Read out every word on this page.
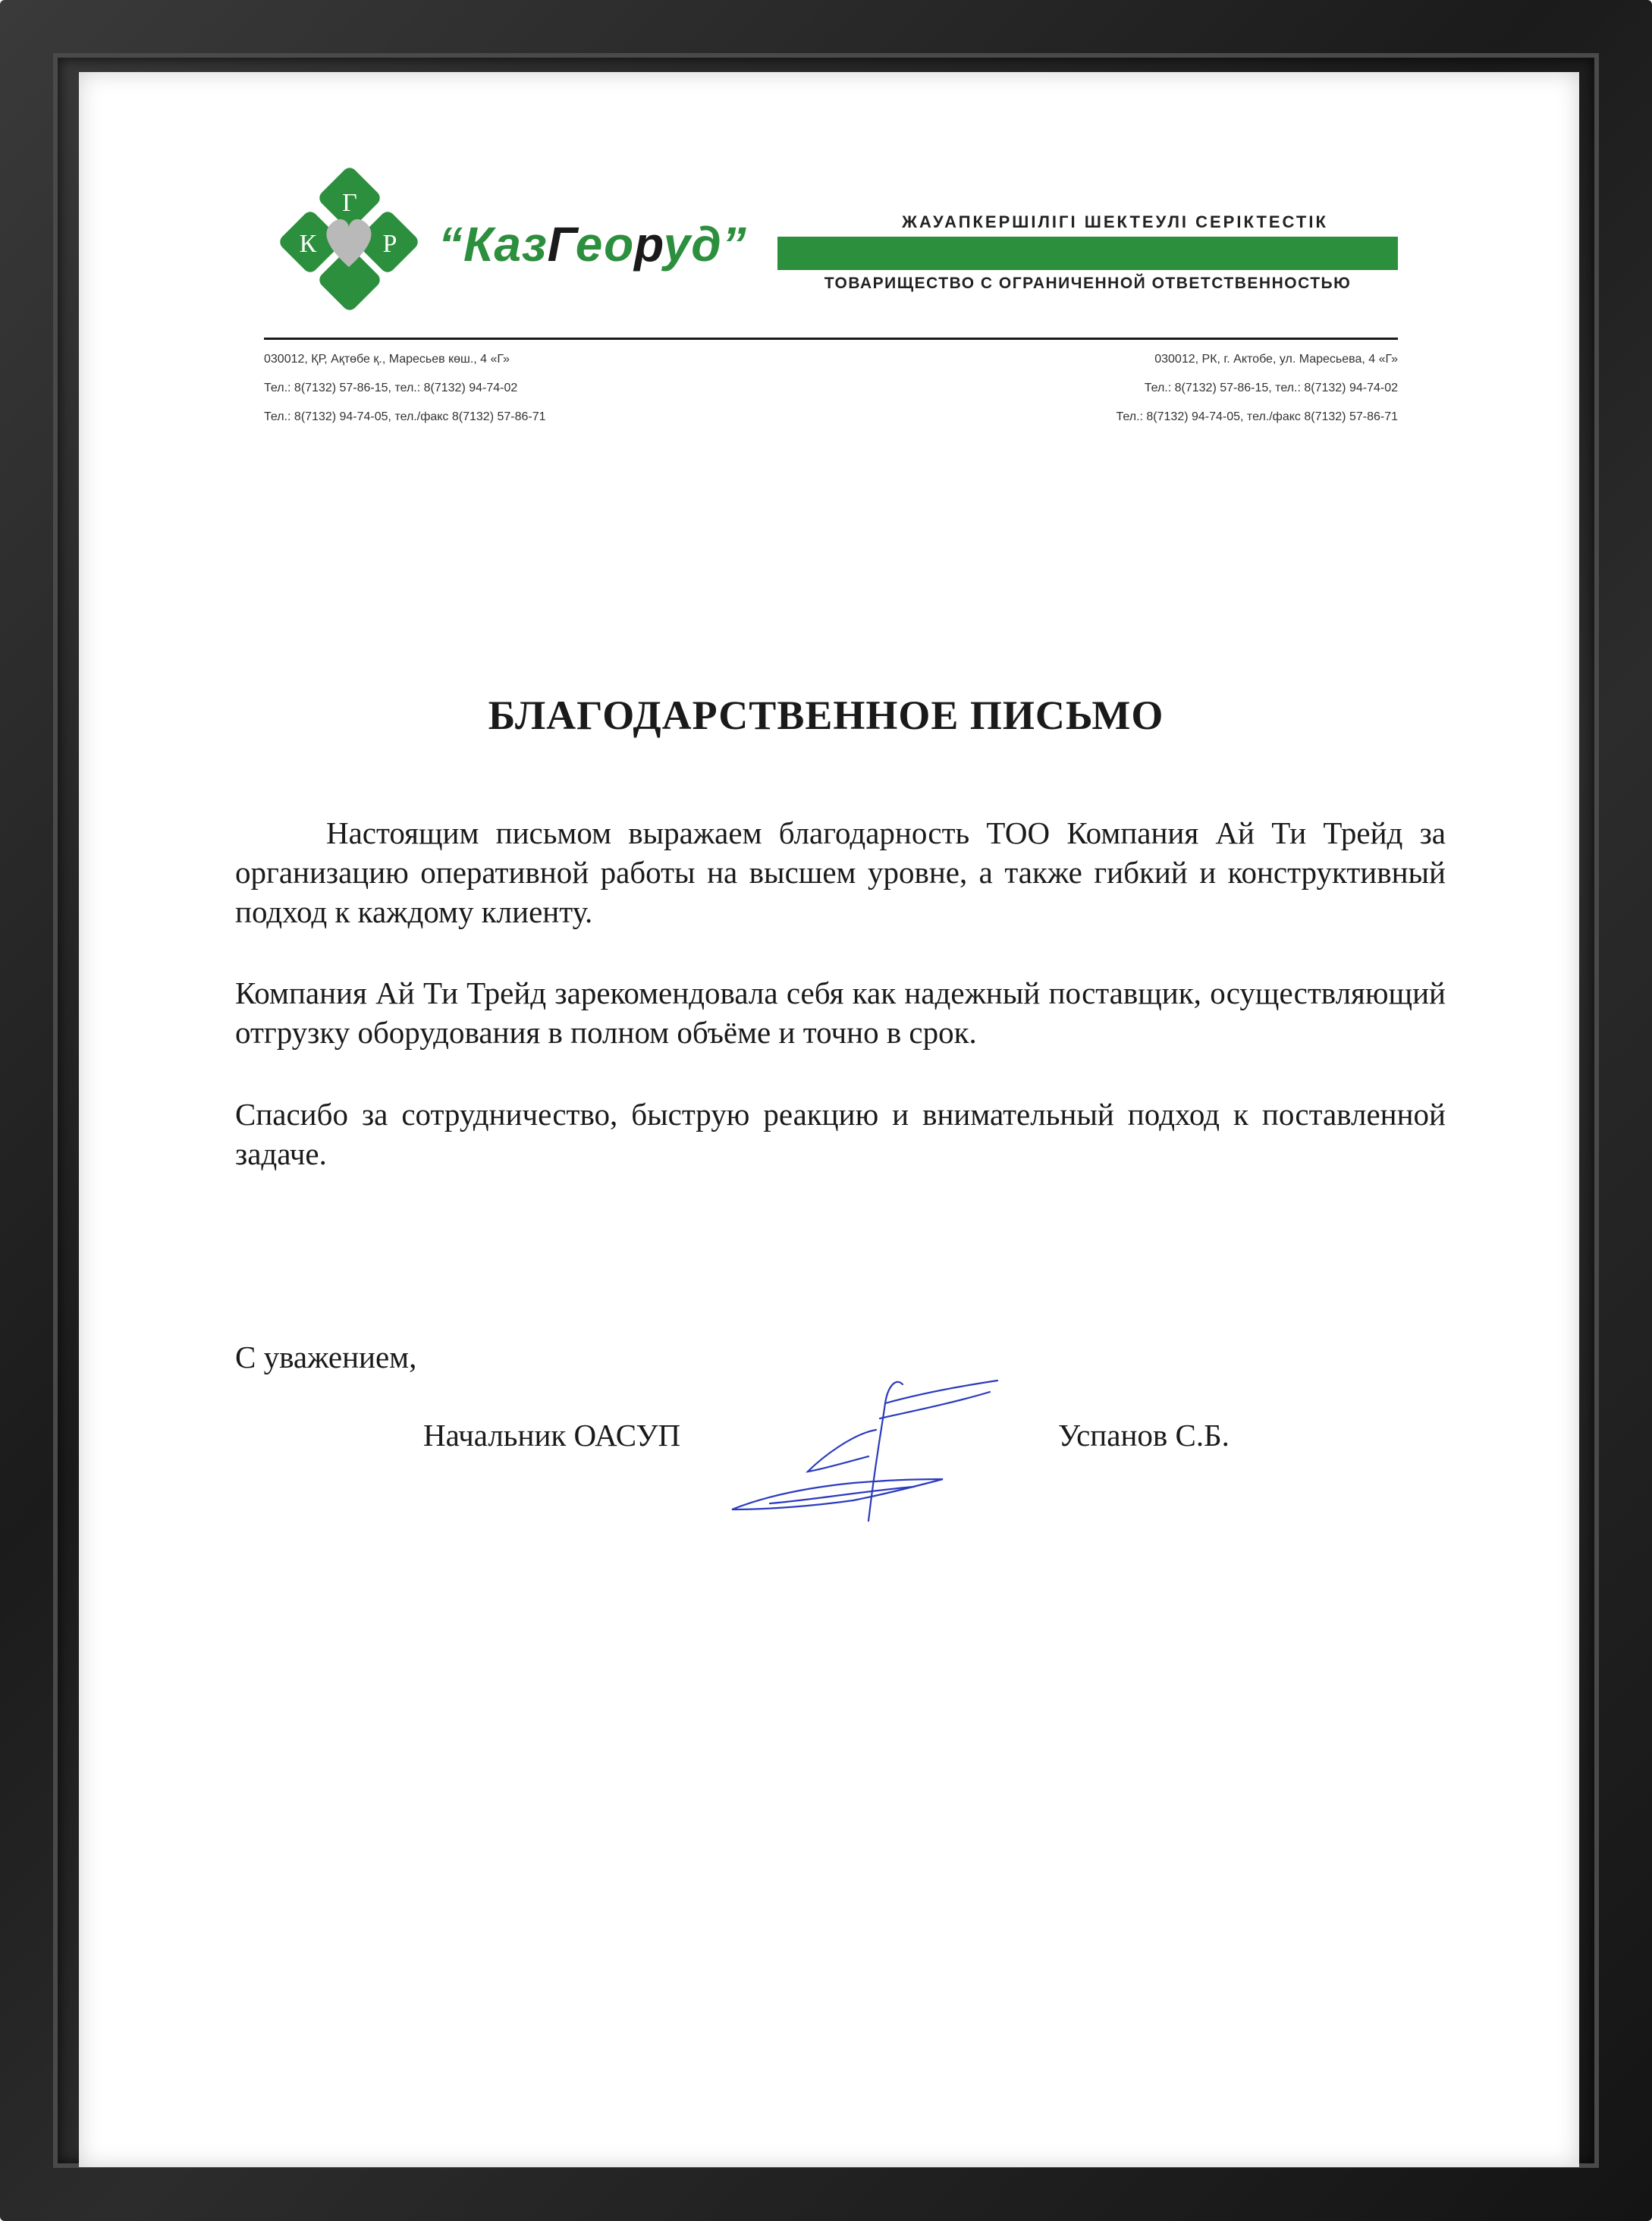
Г
К	Р “КазГеоруд”	ЖАУАПКЕРШІЛІГІ ШЕКТЕУЛІ СЕРІКТЕСТІК
ТОВАРИЩЕСТВО С ОГРАНИЧЕННОЙ ОТВЕТСТВЕННОСТЬЮ
030012, ҚР, Ақтөбе қ., Маресьев көш., 4 «Г»
Тел.: 8(7132) 57-86-15, тел.: 8(7132) 94-74-02
Тел.: 8(7132) 94-74-05, тел./факс 8(7132) 57-86-71
030012, РК, г. Актобе, ул. Маресьева, 4 «Г»
Тел.: 8(7132) 57-86-15, тел.: 8(7132) 94-74-02
Тел.: 8(7132) 94-74-05, тел./факс 8(7132) 57-86-71
БЛАГОДАРСТВЕННОЕ ПИСЬМО
Настоящим письмом выражаем благодарность ТОО Компания Ай Ти Трейд за организацию оперативной работы на высшем уровне, а также гибкий и конструктивный подход к каждому клиенту.
Компания Ай Ти Трейд зарекомендовала себя как надежный поставщик, осуществляющий отгрузку оборудования в полном объёме и точно в срок.
Спасибо за сотрудничество, быструю реакцию и внимательный подход к поставленной задаче.
С уважением,
Начальник ОАСУП	Успанов С.Б.
